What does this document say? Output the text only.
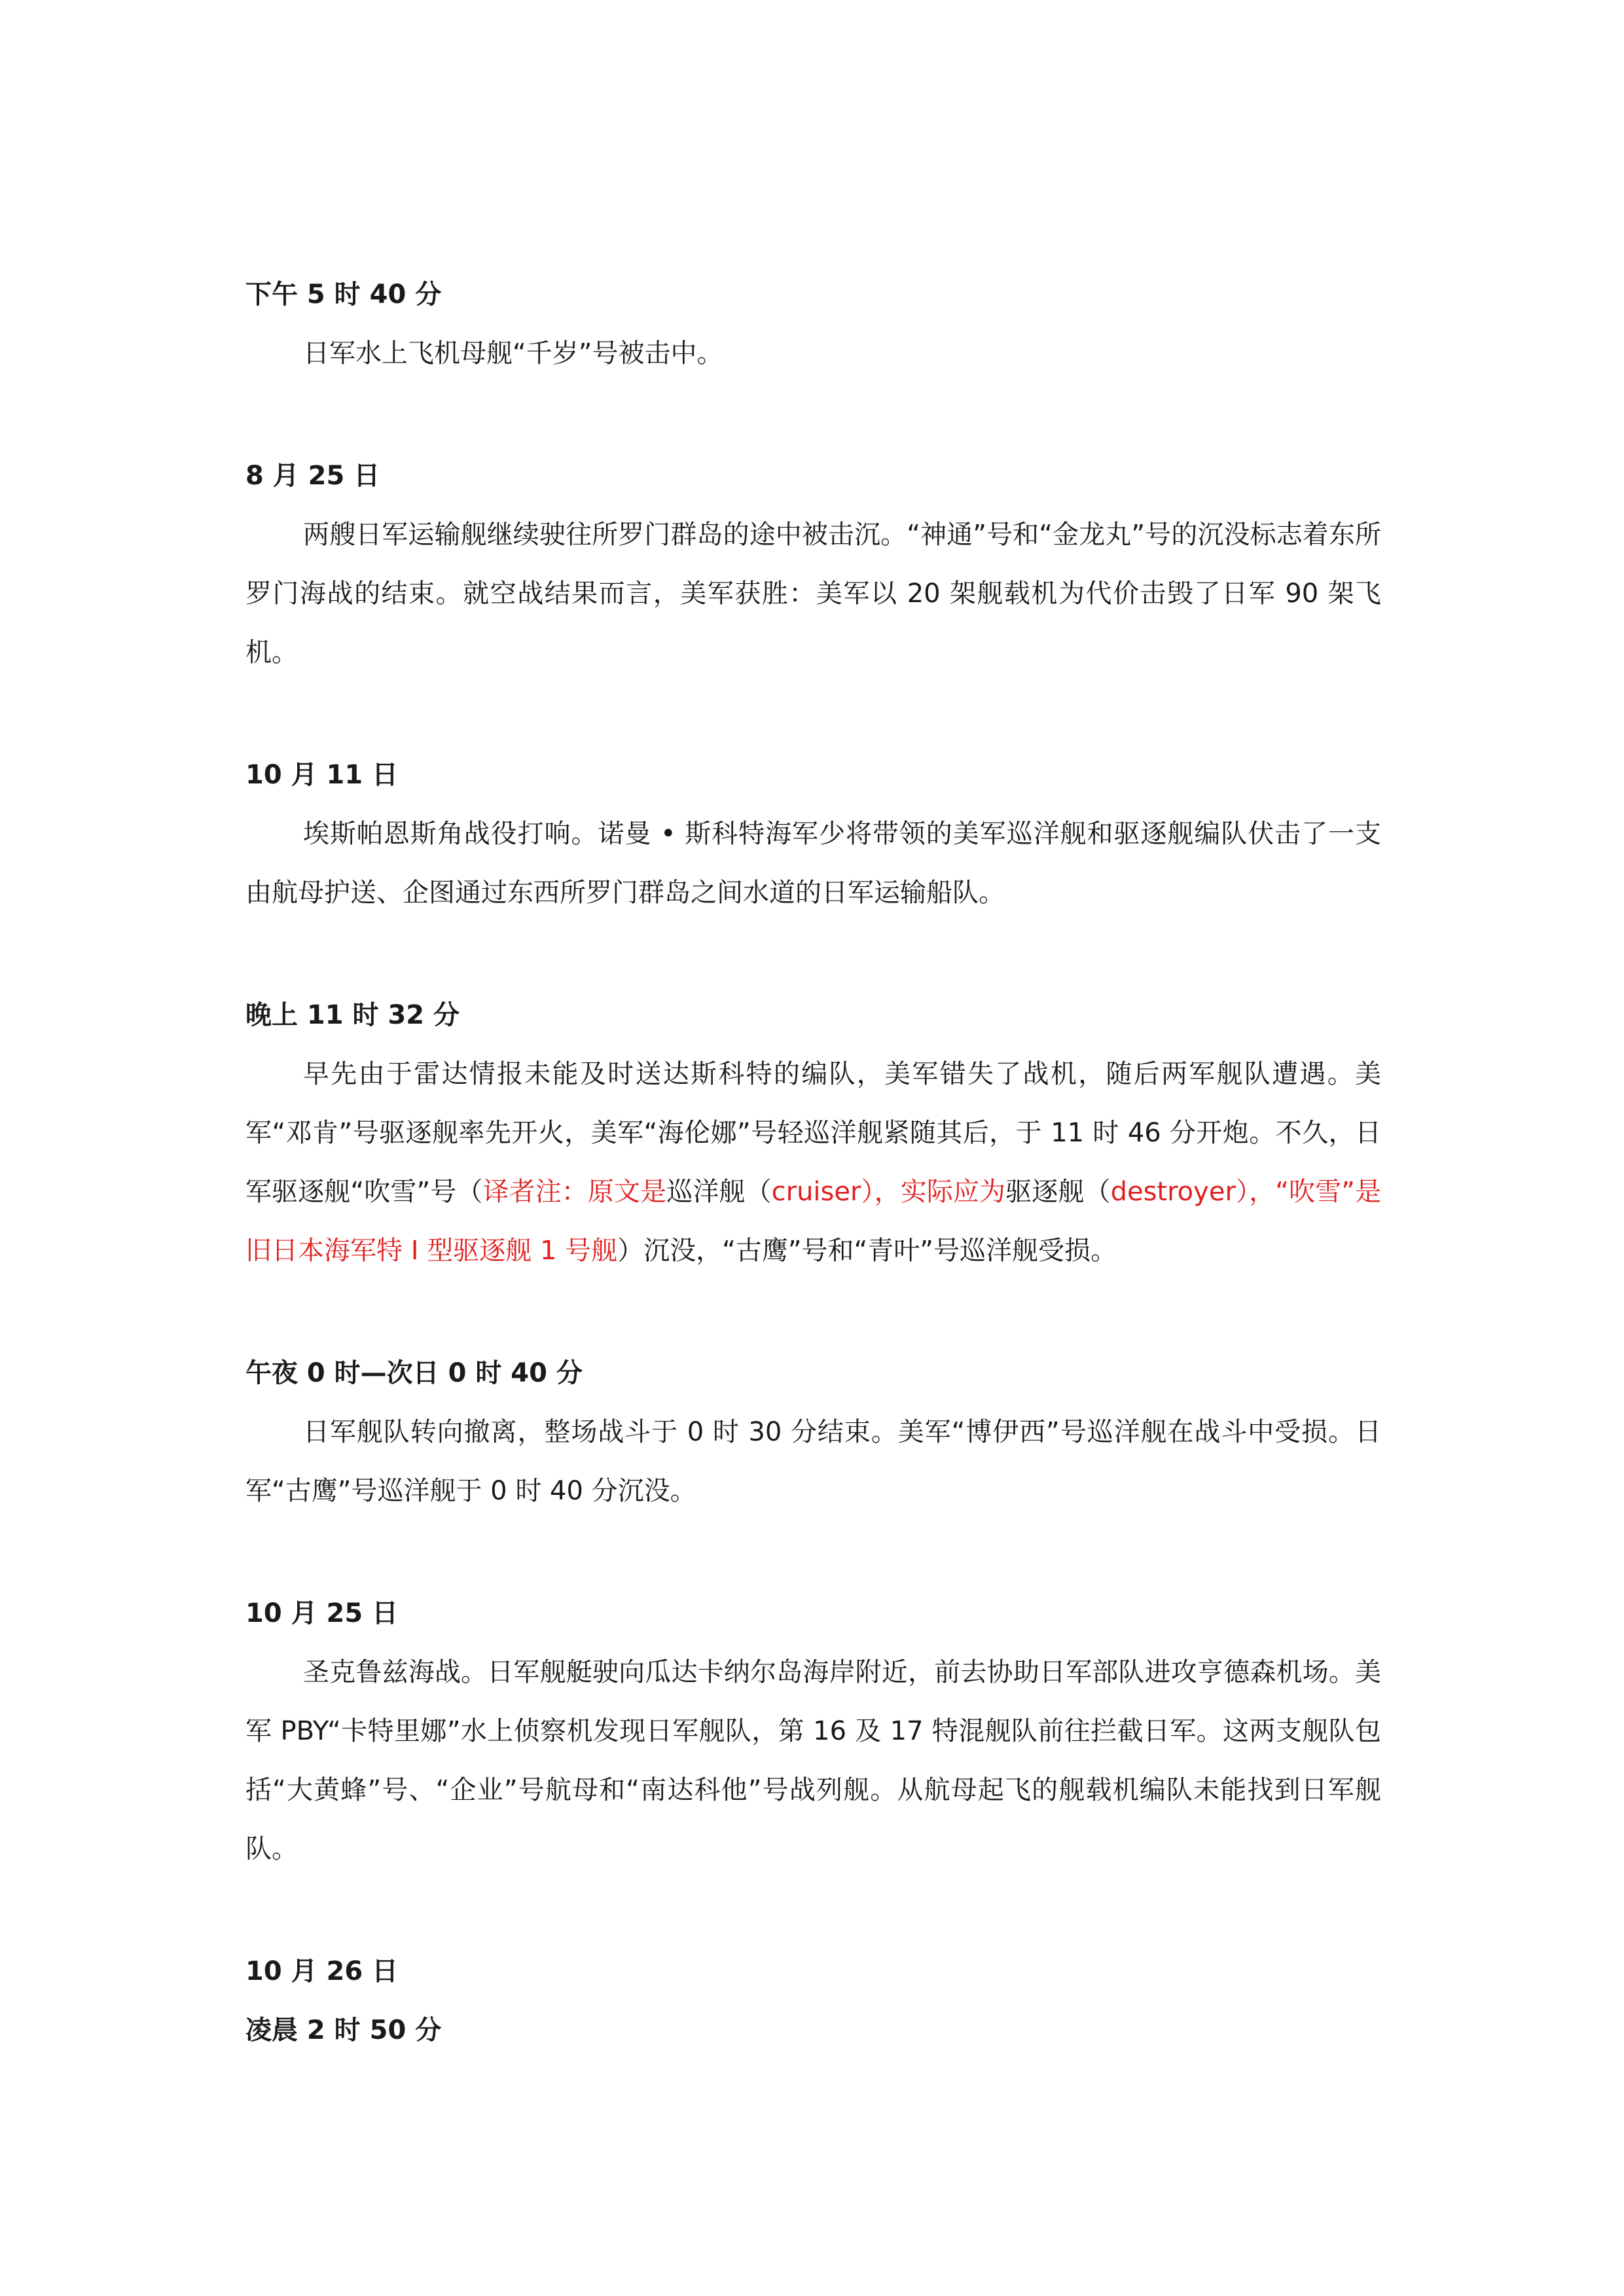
下午 5 时 40 分

日军水上飞机母舰“千岁”号被击中。

8 月 25 日

两艘日军运输舰继续驶往所罗门群岛的途中被击沉。“神通”号和“金龙丸”号的沉没标志着东所罗门海战的结束。就空战结果而言，美军获胜：美军以 20 架舰载机为代价击毁了日军 90 架飞机。

10 月 11 日

埃斯帕恩斯角战役打响。诺曼 • 斯科特海军少将带领的美军巡洋舰和驱逐舰编队伏击了一支由航母护送、企图通过东西所罗门群岛之间水道的日军运输船队。

晚上 11 时 32 分

早先由于雷达情报未能及时送达斯科特的编队，美军错失了战机，随后两军舰队遭遇。美军“邓肯”号驱逐舰率先开火，美军“海伦娜”号轻巡洋舰紧随其后，于 11 时 46 分开炮。不久，日军驱逐舰“吹雪”号（译者注：原文是巡洋舰（cruiser），实际应为驱逐舰（destroyer），“吹雪”是旧日本海军特 I 型驱逐舰 1 号舰）沉没，“古鹰”号和“青叶”号巡洋舰受损。

午夜 0 时—次日 0 时 40 分

日军舰队转向撤离，整场战斗于 0 时 30 分结束。美军“博伊西”号巡洋舰在战斗中受损。日军“古鹰”号巡洋舰于 0 时 40 分沉没。

10 月 25 日

圣克鲁兹海战。日军舰艇驶向瓜达卡纳尔岛海岸附近，前去协助日军部队进攻亨德森机场。美军 PBY“卡特里娜”水上侦察机发现日军舰队，第 16 及 17 特混舰队前往拦截日军。这两支舰队包括“大黄蜂”号、“企业”号航母和“南达科他”号战列舰。从航母起飞的舰载机编队未能找到日军舰队。

10 月 26 日

凌晨 2 时 50 分
